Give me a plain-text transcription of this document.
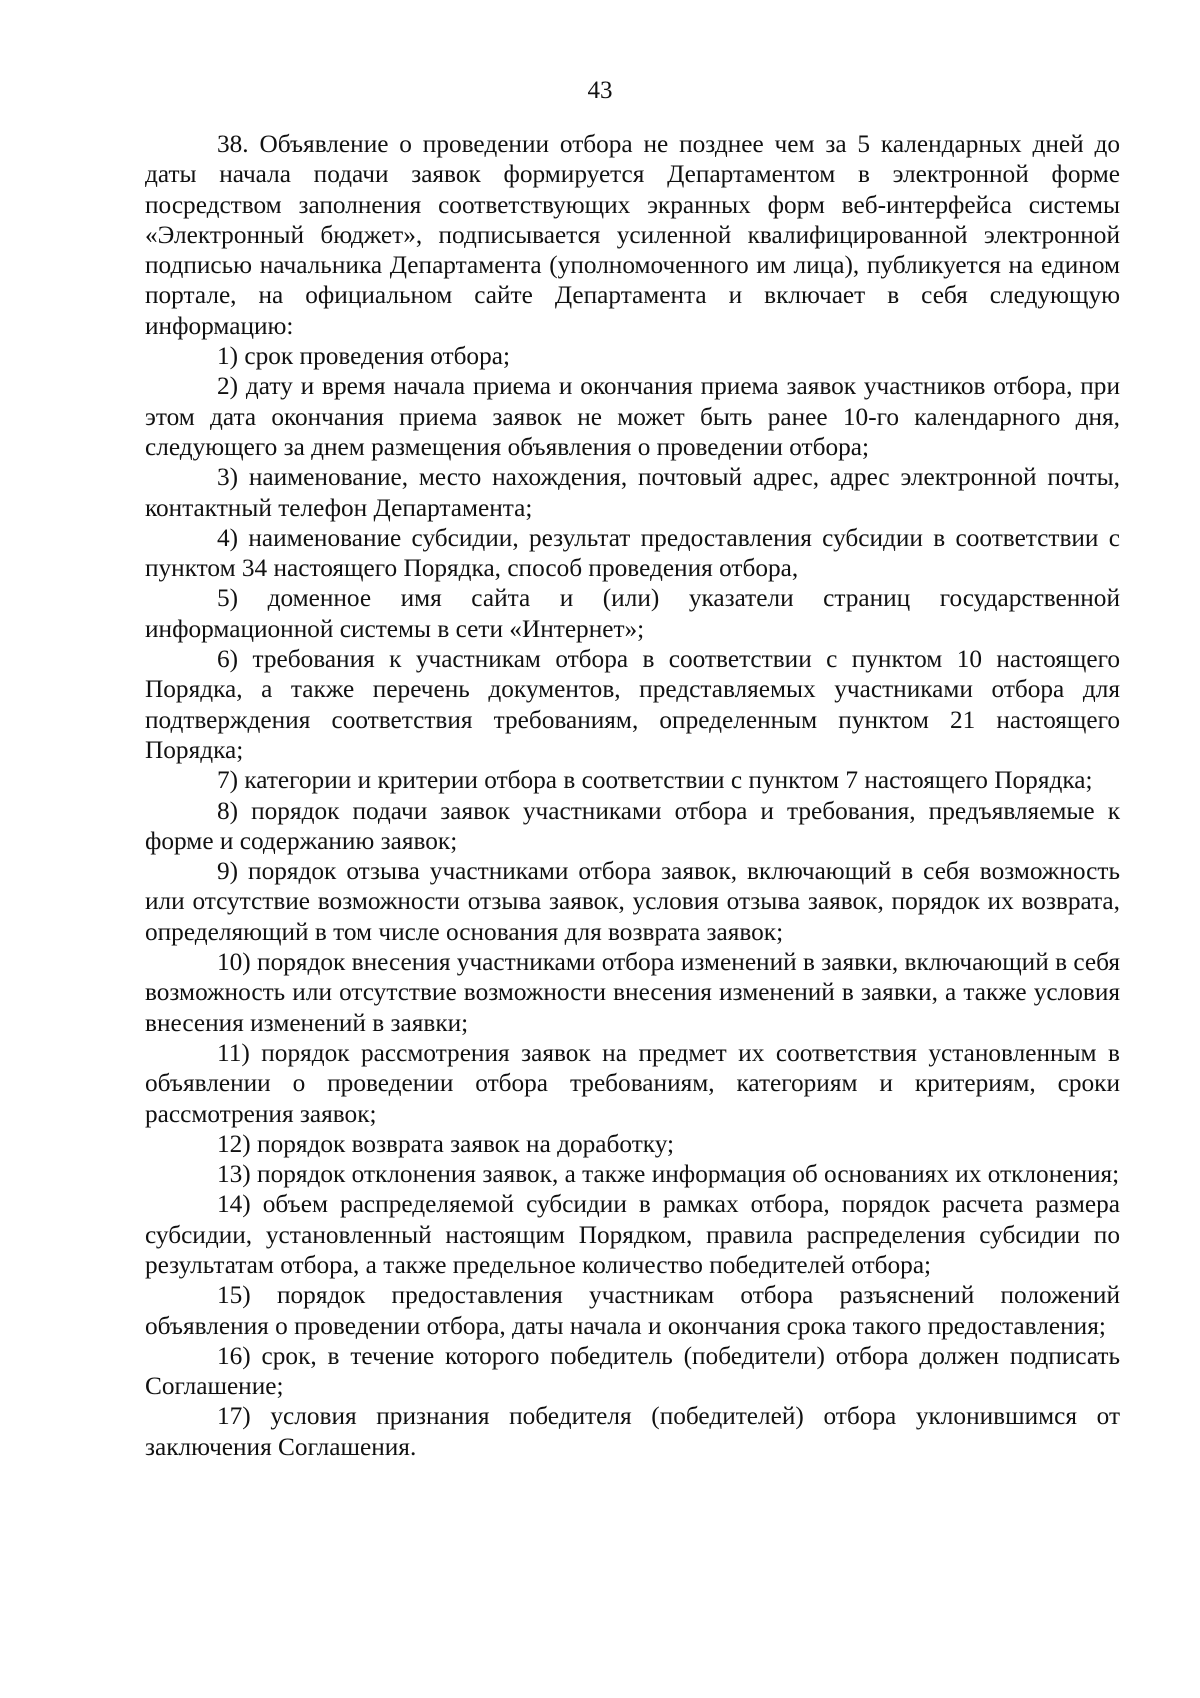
43

38. Объявление о проведении отбора не позднее чем за 5 календарных дней до даты начала подачи заявок формируется Департаментом в электронной форме посредством заполнения соответствующих экранных форм веб-интерфейса системы «Электронный бюджет», подписывается усиленной квалифицированной электронной подписью начальника Департамента (уполномоченного им лица), публикуется на едином портале, на официальном сайте Департамента и включает в себя следующую информацию:

1) срок проведения отбора;

2) дату и время начала приема и окончания приема заявок участников отбора, при этом дата окончания приема заявок не может быть ранее 10-го календарного дня, следующего за днем размещения объявления о проведении отбора;

3) наименование, место нахождения, почтовый адрес, адрес электронной почты, контактный телефон Департамента;

4) наименование субсидии, результат предоставления субсидии в соответствии с пунктом 34 настоящего Порядка, способ проведения отбора,

5) доменное имя сайта и (или) указатели страниц государственной информационной системы в сети «Интернет»;

6) требования к участникам отбора в соответствии с пунктом 10 настоящего Порядка, а также перечень документов, представляемых участниками отбора для подтверждения соответствия требованиям, определенным пунктом 21 настоящего Порядка;

7) категории и критерии отбора в соответствии с пунктом 7 настоящего Порядка;

8) порядок подачи заявок участниками отбора и требования, предъявляемые к форме и содержанию заявок;

9) порядок отзыва участниками отбора заявок, включающий в себя возможность или отсутствие возможности отзыва заявок, условия отзыва заявок, порядок их возврата, определяющий в том числе основания для возврата заявок;

10) порядок внесения участниками отбора изменений в заявки, включающий в себя возможность или отсутствие возможности внесения изменений в заявки, а также условия внесения изменений в заявки;

11) порядок рассмотрения заявок на предмет их соответствия установленным в объявлении о проведении отбора требованиям, категориям и критериям, сроки рассмотрения заявок;

12) порядок возврата заявок на доработку;

13) порядок отклонения заявок, а также информация об основаниях их отклонения;

14) объем распределяемой субсидии в рамках отбора, порядок расчета размера субсидии, установленный настоящим Порядком, правила распределения субсидии по результатам отбора, а также предельное количество победителей отбора;

15) порядок предоставления участникам отбора разъяснений положений объявления о проведении отбора, даты начала и окончания срока такого предоставления;

16) срок, в течение которого победитель (победители) отбора должен подписать Соглашение;

17) условия признания победителя (победителей) отбора уклонившимся от заключения Соглашения.
